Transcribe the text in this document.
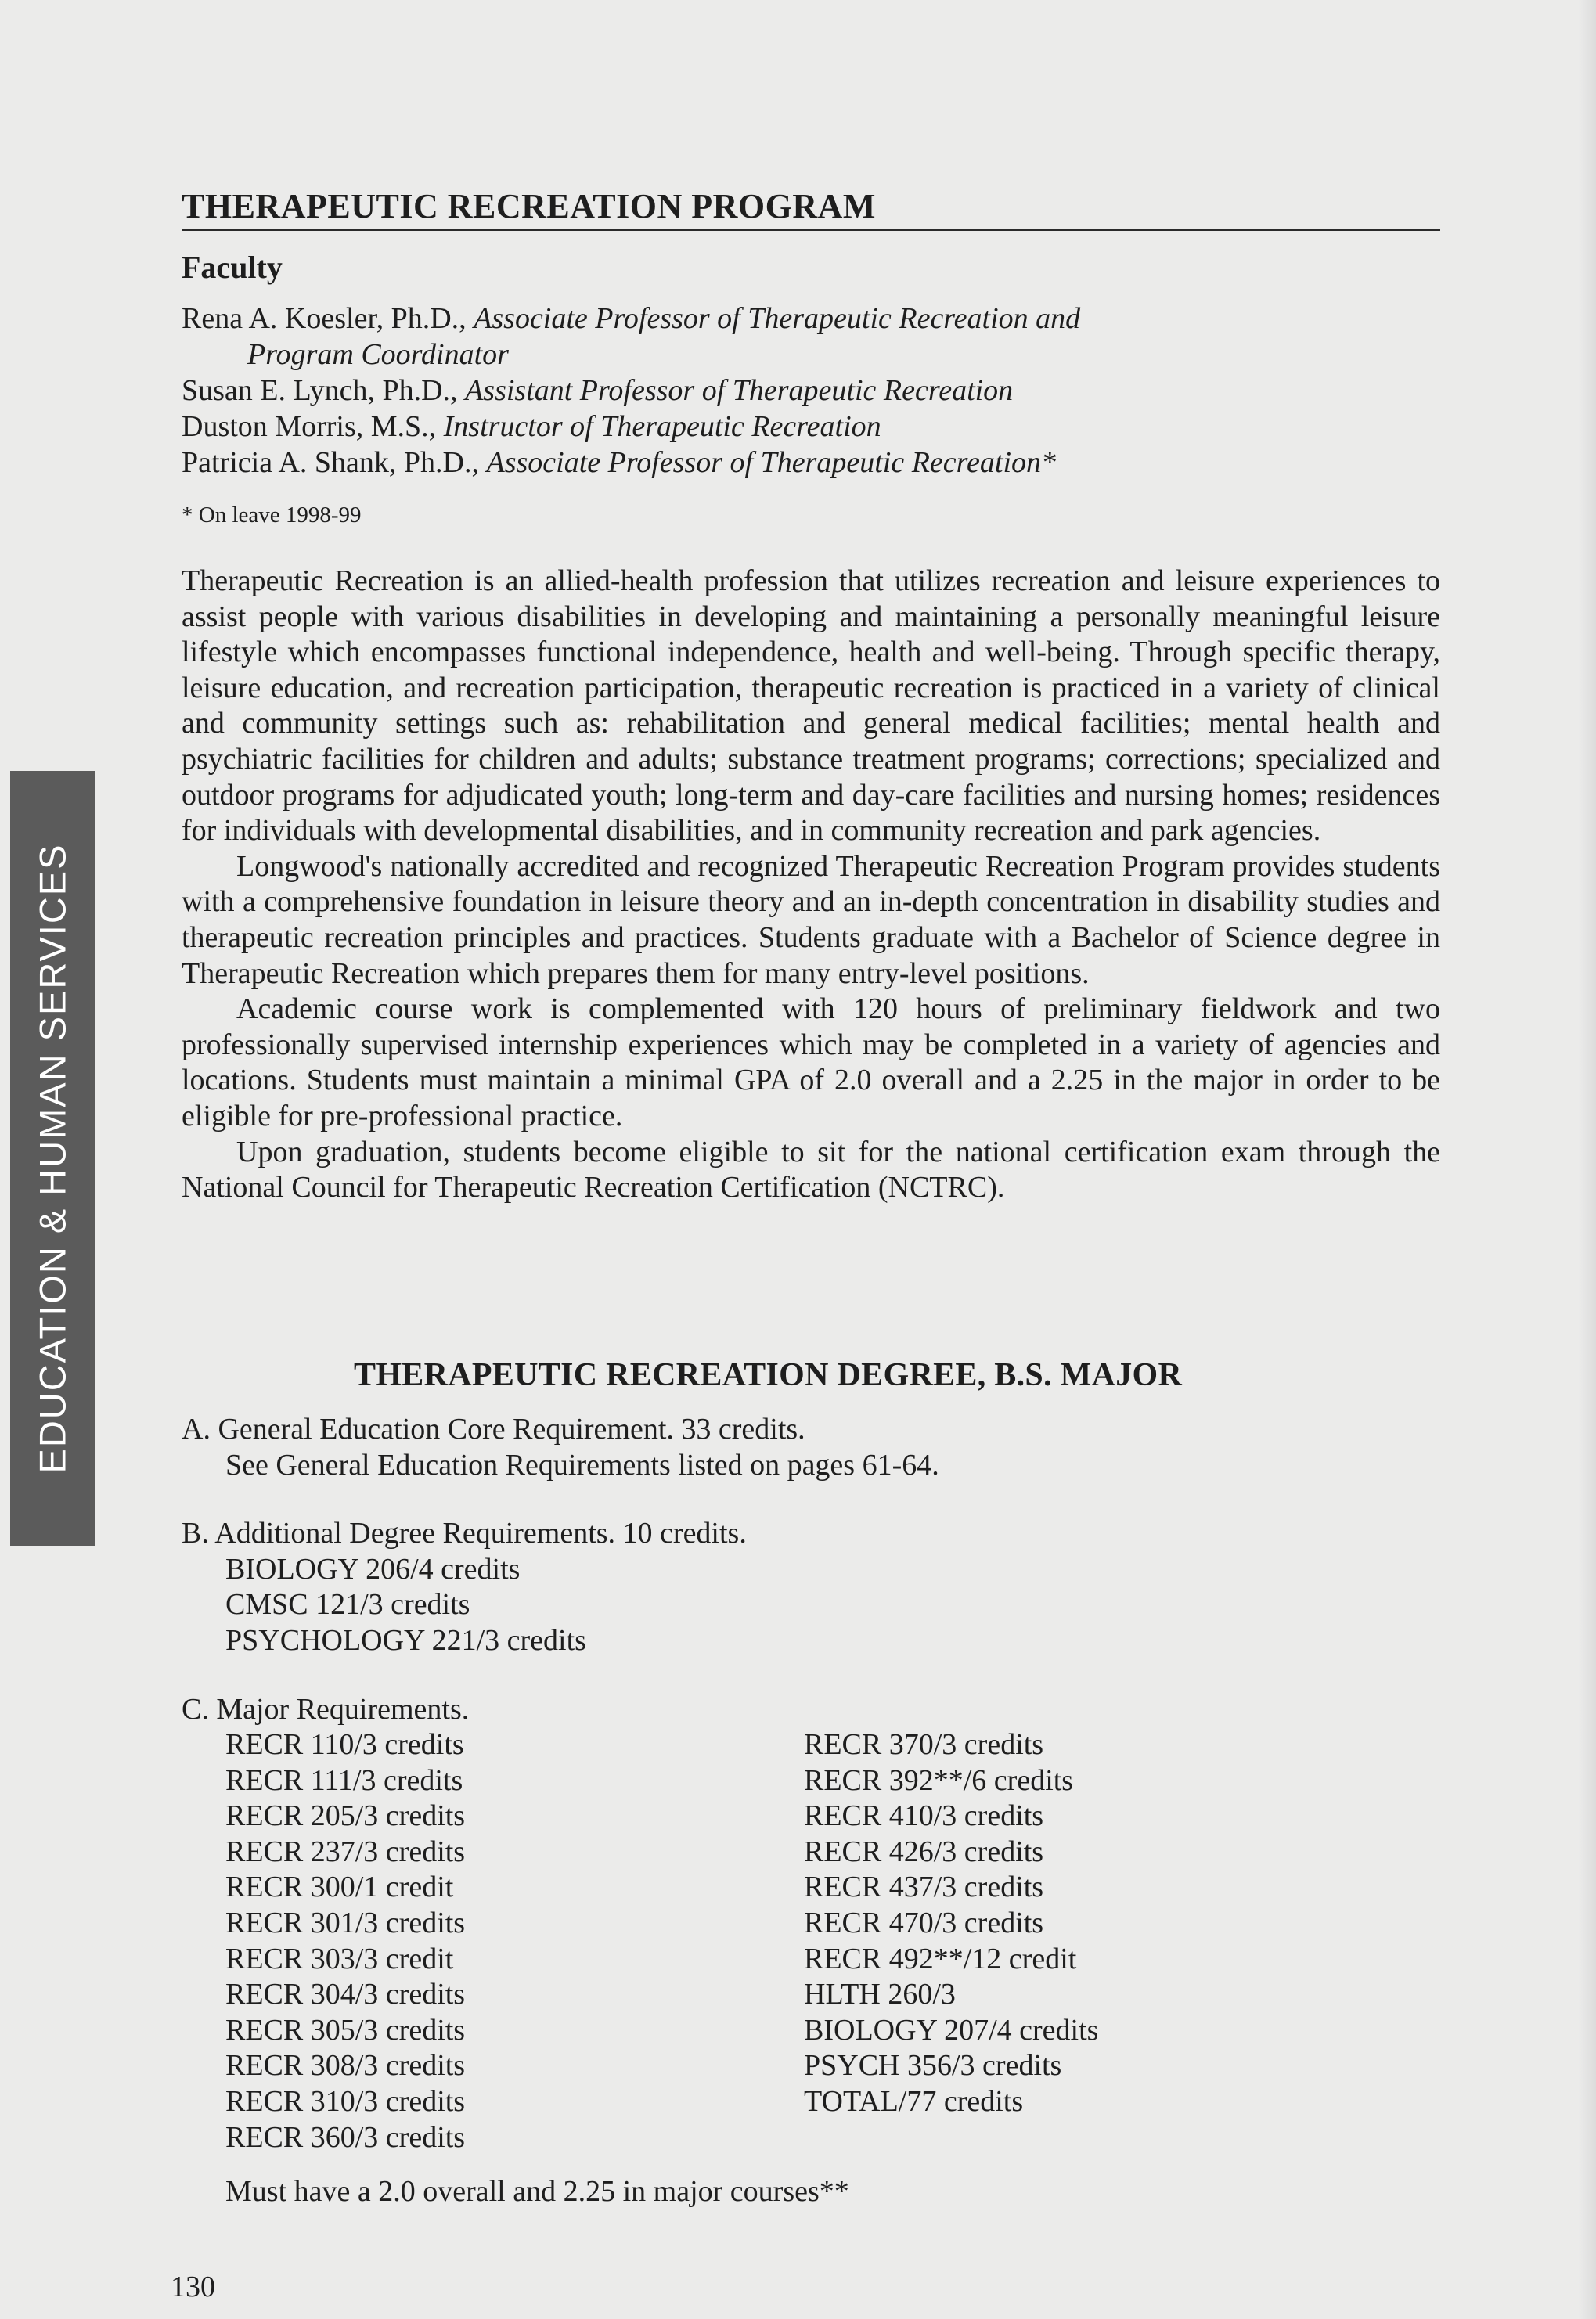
EDUCATION & HUMAN SERVICES
THERAPEUTIC RECREATION PROGRAM
Faculty
Rena A. Koesler, Ph.D., Associate Professor of Therapeutic Recreation and
Program Coordinator
Susan E. Lynch, Ph.D., Assistant Professor of Therapeutic Recreation
Duston Morris, M.S., Instructor of Therapeutic Recreation
Patricia A. Shank, Ph.D., Associate Professor of Therapeutic Recreation*
* On leave 1998-99

Therapeutic Recreation is an allied-health profession that utilizes recreation and leisure experiences to assist people with various disabilities in developing and maintaining a personally meaningful leisure lifestyle which encompasses functional independence, health and well-being. Through specific therapy, leisure education, and recreation participation, therapeutic recreation is practiced in a variety of clinical and community settings such as: rehabilitation and general medical facilities; mental health and psychiatric facilities for children and adults; substance treatment programs; corrections; specialized and outdoor programs for adjudicated youth; long-term and day-care facilities and nursing homes; residences for individuals with developmental disabilities, and in community recreation and park agencies.

Longwood's nationally accredited and recognized Therapeutic Recreation Program provides students with a comprehensive foundation in leisure theory and an in-depth concentration in disability studies and therapeutic recreation principles and practices. Students graduate with a Bachelor of Science degree in Therapeutic Recreation which prepares them for many entry-level positions.

Academic course work is complemented with 120 hours of preliminary fieldwork and two professionally supervised internship experiences which may be completed in a variety of agencies and locations. Students must maintain a minimal GPA of 2.0 overall and a 2.25 in the major in order to be eligible for pre-professional practice.

Upon graduation, students become eligible to sit for the national certification exam through the National Council for Therapeutic Recreation Certification (NCTRC).

THERAPEUTIC RECREATION DEGREE, B.S. MAJOR
A. General Education Core Requirement. 33 credits.
See General Education Requirements listed on pages 61-64.
B. Additional Degree Requirements. 10 credits.
BIOLOGY 206/4 credits
CMSC 121/3 credits
PSYCHOLOGY 221/3 credits
C. Major Requirements.
RECR 110/3 credits
RECR 111/3 credits
RECR 205/3 credits
RECR 237/3 credits
RECR 300/1 credit
RECR 301/3 credits
RECR 303/3 credit
RECR 304/3 credits
RECR 305/3 credits
RECR 308/3 credits
RECR 310/3 credits
RECR 360/3 credits
RECR 370/3 credits
RECR 392**/6 credits
RECR 410/3 credits
RECR 426/3 credits
RECR 437/3 credits
RECR 470/3 credits
RECR 492**/12 credit
HLTH 260/3
BIOLOGY 207/4 credits
PSYCH 356/3 credits
TOTAL/77 credits
Must have a 2.0 overall and 2.25 in major courses**
130
